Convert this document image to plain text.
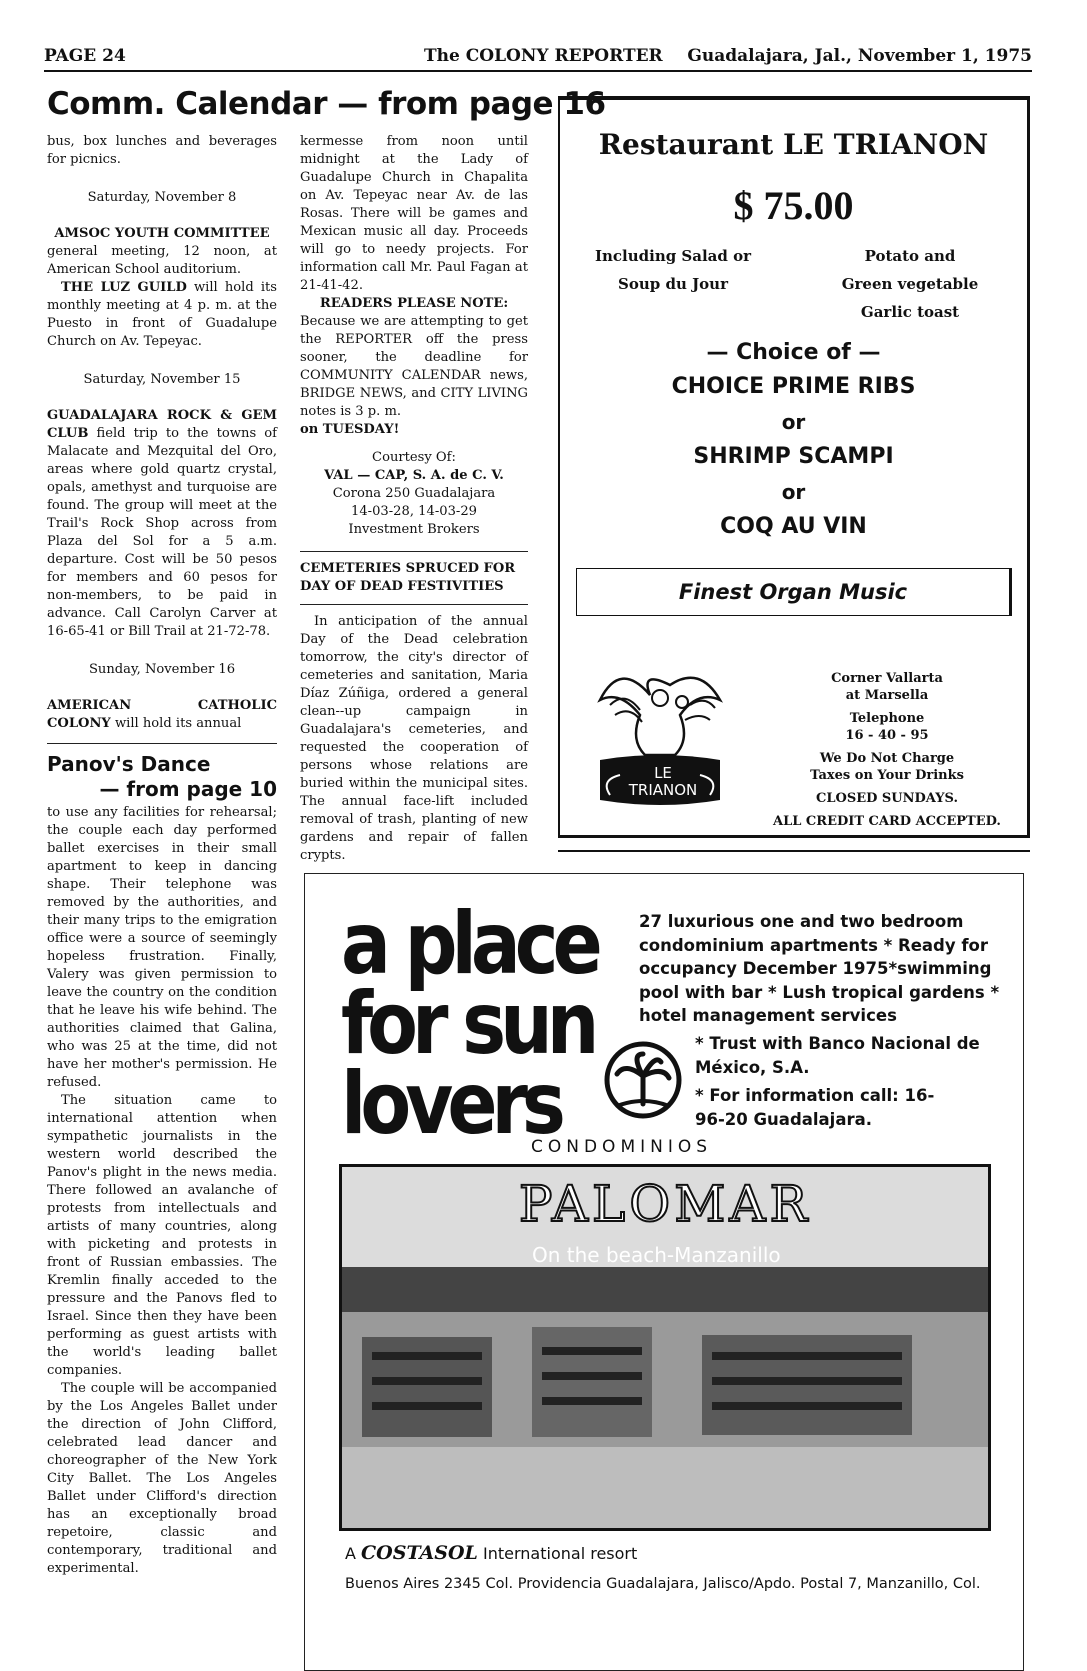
PAGE 24	The COLONY REPORTER Guadalajara, Jal., November 1, 1975
Comm. Calendar — from page 16

bus, box lunches and beverages for picnics.

Saturday, November 8

AMSOC YOUTH COMMITTEE

general meeting, 12 noon, at American School auditorium.

THE LUZ GUILD will hold its monthly meeting at 4 p. m. at the Puesto in front of Guadalupe Church on Av. Tepeyac.

Saturday, November 15

GUADALAJARA ROCK & GEM CLUB field trip to the towns of Malacate and Mezquital del Oro, areas where gold quartz crystal, opals, amethyst and turquoise are found. The group will meet at the Trail's Rock Shop across from Plaza del Sol for a 5 a.m. departure. Cost will be 50 pesos for members and 60 pesos for non-members, to be paid in advance. Call Carolyn Carver at 16-65-41 or Bill Trail at 21-72-78.

Sunday, November 16

AMERICAN CATHOLIC COLONY will hold its annual

Panov's Dance
— from page 10

to use any facilities for rehearsal; the couple each day performed ballet exercises in their small apartment to keep in dancing shape. Their telephone was removed by the authorities, and their many trips to the emigration office were a source of seemingly hopeless frustration. Finally, Valery was given permission to leave the country on the condition that he leave his wife behind. The authorities claimed that Galina, who was 25 at the time, did not have her mother's permission. He refused.

The situation came to international attention when sympathetic journalists in the western world described the Panov's plight in the news media. There followed an avalanche of protests from intellectuals and artists of many countries, along with picketing and protests in front of Russian embassies. The Kremlin finally acceded to the pressure and the Panovs fled to Israel. Since then they have been performing as guest artists with the world's leading ballet companies.

The couple will be accompanied by the Los Angeles Ballet under the direction of John Clifford, celebrated lead dancer and choreographer of the New York City Ballet. The Los Angeles Ballet under Clifford's direction has an exceptionally broad repetoire, classic and contemporary, traditional and experimental.

kermesse from noon until midnight at the Lady of Guadalupe Church in Chapalita on Av. Tepeyac near Av. de las Rosas. There will be games and Mexican music all day. Proceeds will go to needy projects. For information call Mr. Paul Fagan at 21-41-42.

READERS PLEASE NOTE:

Because we are attempting to get the REPORTER off the press sooner, the deadline for COMMUNITY CALENDAR news, BRIDGE NEWS, and CITY LIVING notes is 3 p. m.

on TUESDAY!

Courtesy Of:

VAL — CAP, S. A. de C. V.

Corona 250 Guadalajara

14-03-28, 14-03-29

Investment Brokers

CEMETERIES SPRUCED FOR DAY OF DEAD FESTIVITIES

In anticipation of the annual Day of the Dead celebration tomorrow, the city's director of cemeteries and sanitation, Maria Díaz Zúñiga, ordered a general clean--up campaign in Guadalajara's cemeteries, and requested the cooperation of persons whose relations are buried within the municipal sites. The annual face-lift included removal of trash, planting of new gardens and repair of fallen crypts.

Restaurant LE TRIANON
$ 75.00
Including Salad or
Soup du Jour
Potato and
Green vegetable
Garlic toast
— Choice of —
CHOICE PRIME RIBS
or
SHRIMP SCAMPI
or
COQ AU VIN
Finest Organ Music
LE TRIANON
Corner Vallarta
at Marsella
Telephone
16 - 40 - 95
We Do Not Charge
Taxes on Your Drinks
CLOSED SUNDAYS.
ALL CREDIT CARD ACCEPTED.
a place
for sun
lovers
27 luxurious one and two bedroom condominium apartments * Ready for occupancy December 1975*swimming pool with bar * Lush tropical gardens * hotel management services
* Trust with Banco Nacional de México, S.A.
* For information call: 16-96-20 Guadalajara.
CONDOMINIOS
PALOMAR
On the beach-Manzanillo
A COSTASOL International resort
Buenos Aires 2345 Col. Providencia Guadalajara, Jalisco/Apdo. Postal 7, Manzanillo, Col.
